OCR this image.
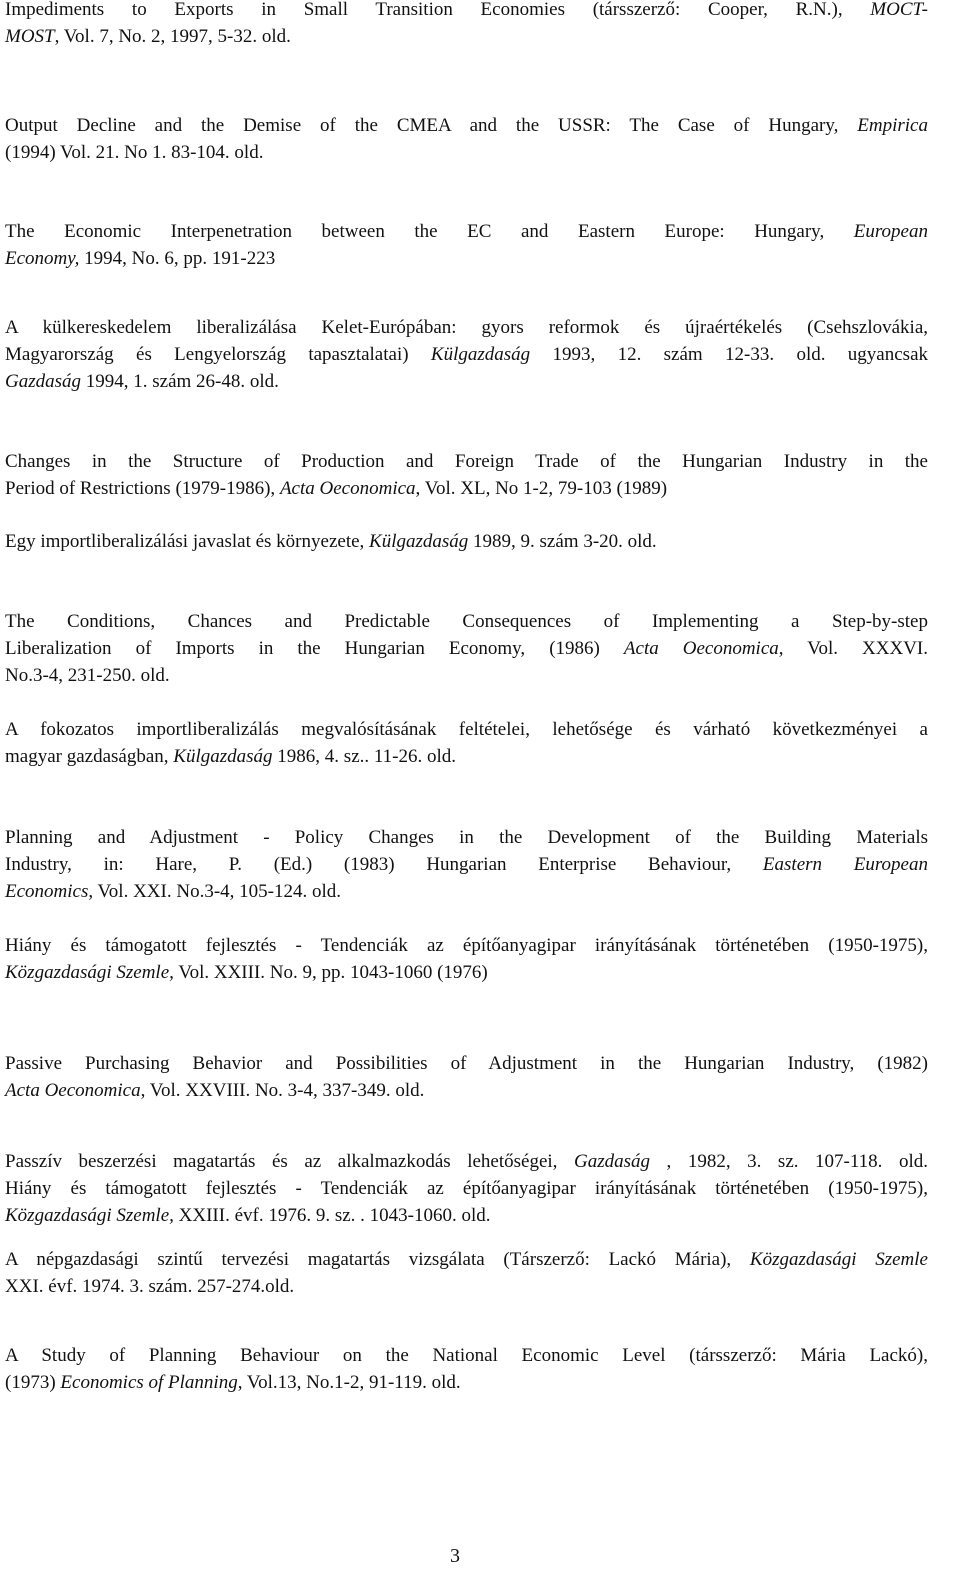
Impediments to Exports in Small Transition Economies (társszerző: Cooper, R.N.), MOCT-
MOST, Vol. 7, No. 2, 1997, 5-32. old.

Output Decline and the Demise of the CMEA and the USSR: The Case of Hungary, Empirica
(1994) Vol. 21. No 1. 83-104. old.

The Economic Interpenetration between the EC and Eastern Europe: Hungary, European
Economy, 1994, No. 6, pp. 191-223

A külkereskedelem liberalizálása Kelet-Európában: gyors reformok és újraértékelés (Csehszlovákia,
Magyarország és Lengyelország tapasztalatai) Külgazdaság 1993, 12. szám 12-33. old. ugyancsak
Gazdaság 1994, 1. szám 26-48. old.

Changes in the Structure of Production and Foreign Trade of the Hungarian Industry in the
Period of Restrictions (1979-1986), Acta Oeconomica, Vol. XL, No 1-2, 79-103 (1989)

Egy importliberalizálási javaslat és környezete, Külgazdaság 1989, 9. szám 3-20. old.

The Conditions, Chances and Predictable Consequences of Implementing a Step-by-step
Liberalization of Imports in the Hungarian Economy, (1986) Acta Oeconomica, Vol. XXXVI.
No.3-4, 231-250. old.

A fokozatos importliberalizálás megvalósításának feltételei, lehetősége és várható következményei a
magyar gazdaságban, Külgazdaság 1986, 4. sz.. 11-26. old.

Planning and Adjustment - Policy Changes in the Development of the Building Materials
Industry, in: Hare, P. (Ed.) (1983) Hungarian Enterprise Behaviour, Eastern European
Economics, Vol. XXI. No.3-4, 105-124. old.

Hiány és támogatott fejlesztés - Tendenciák az építőanyagipar irányításának történetében (1950-1975),
Közgazdasági Szemle, Vol. XXIII. No. 9, pp. 1043-1060 (1976)

Passive Purchasing Behavior and Possibilities of Adjustment in the Hungarian Industry, (1982)
Acta Oeconomica, Vol. XXVIII. No. 3-4, 337-349. old.

Passzív beszerzési magatartás és az alkalmazkodás lehetőségei, Gazdaság , 1982, 3. sz. 107-118. old.
Hiány és támogatott fejlesztés - Tendenciák az építőanyagipar irányításának történetében (1950-1975),
Közgazdasági Szemle, XXIII. évf. 1976. 9. sz. . 1043-1060. old.

A népgazdasági szintű tervezési magatartás vizsgálata (Társzerző: Lackó Mária), Közgazdasági Szemle
XXI. évf. 1974. 3. szám. 257-274.old.

A Study of Planning Behaviour on the National Economic Level (társszerző: Mária Lackó),
(1973) Economics of Planning, Vol.13, No.1-2, 91-119. old.

3
